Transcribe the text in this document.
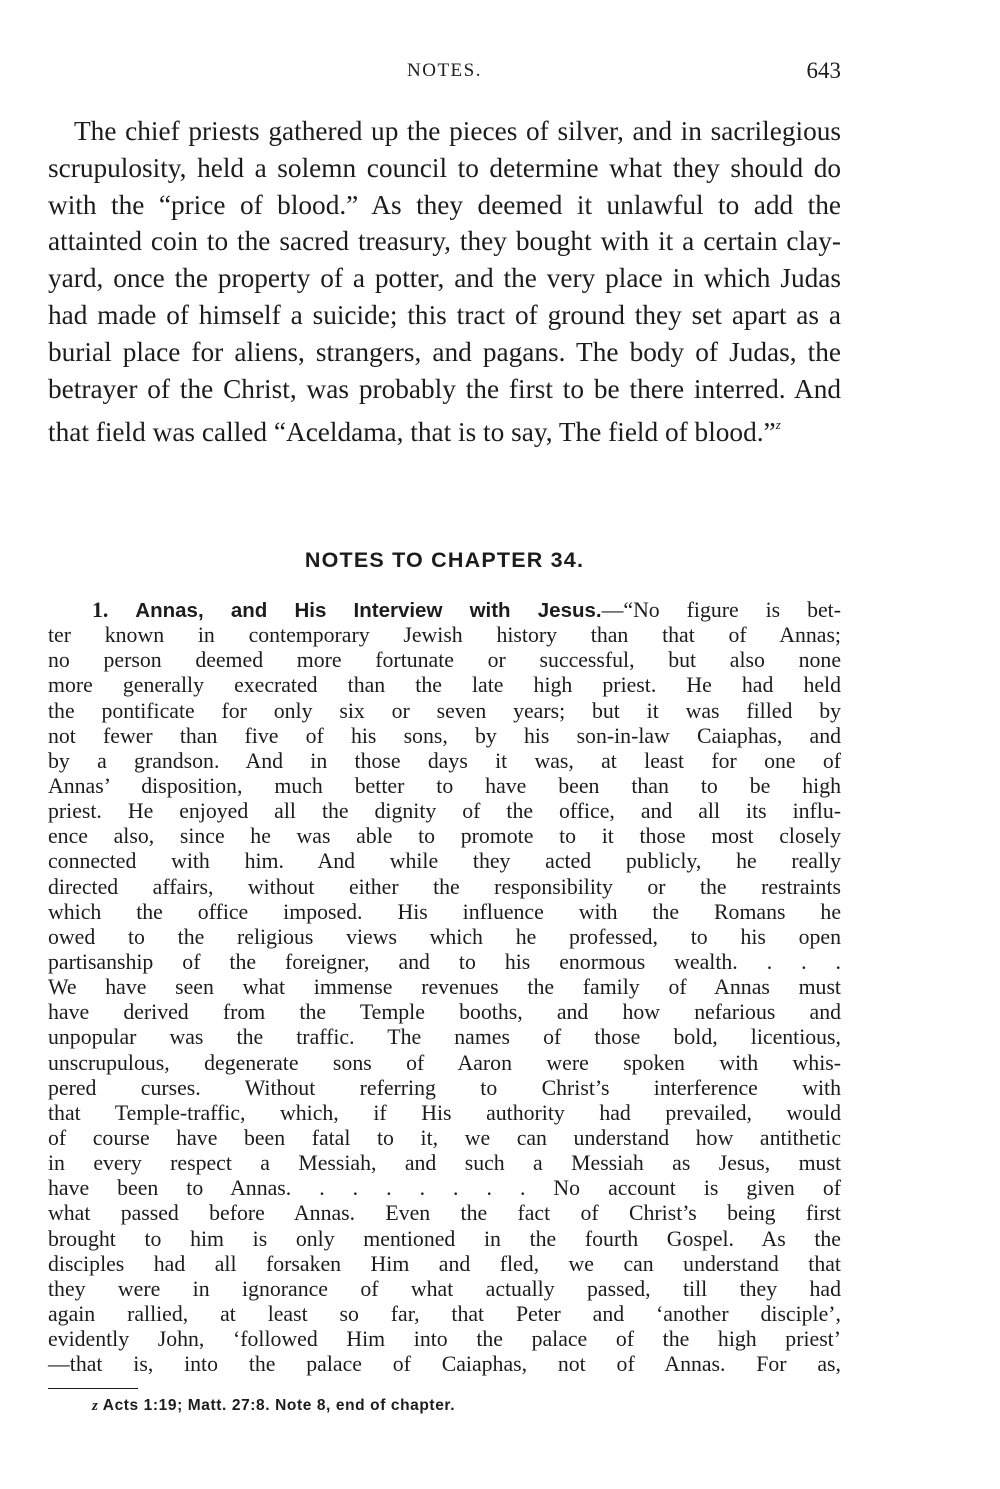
NOTES.	643

The chief priests gathered up the pieces of silver, and in sacrilegious scrupulosity, held a solemn council to determine what they should do with the “price of blood.” As they deemed it unlawful to add the attainted coin to the sacred treasury, they bought with it a certain clay-yard, once the property of a potter, and the very place in which Judas had made of himself a suicide; this tract of ground they set apart as a burial place for aliens, strangers, and pagans. The body of Judas, the betrayer of the Christ, was probably the first to be there interred. And that field was called “Aceldama, that is to say, The field of blood.”$^z$

NOTES TO CHAPTER 34.
1. Annas, and His Interview with Jesus.—“No figure is bet-
ter known in contemporary Jewish history than that of Annas;
no person deemed more fortunate or successful, but also none
more generally execrated than the late high priest. He had held
the pontificate for only six or seven years; but it was filled by
not fewer than five of his sons, by his son-in-law Caiaphas, and
by a grandson. And in those days it was, at least for one of
Annas’ disposition, much better to have been than to be high
priest. He enjoyed all the dignity of the office, and all its influ-
ence also, since he was able to promote to it those most closely
connected with him. And while they acted publicly, he really
directed affairs, without either the responsibility or the restraints
which the office imposed. His influence with the Romans he
owed to the religious views which he professed, to his open
partisanship of the foreigner, and to his enormous wealth. . . .
We have seen what immense revenues the family of Annas must
have derived from the Temple booths, and how nefarious and
unpopular was the traffic. The names of those bold, licentious,
unscrupulous, degenerate sons of Aaron were spoken with whis-
pered curses. Without referring to Christ’s interference with
that Temple-traffic, which, if His authority had prevailed, would
of course have been fatal to it, we can understand how antithetic
in every respect a Messiah, and such a Messiah as Jesus, must
have been to Annas. . . . . . . . No account is given of
what passed before Annas. Even the fact of Christ’s being first
brought to him is only mentioned in the fourth Gospel. As the
disciples had all forsaken Him and fled, we can understand that
they were in ignorance of what actually passed, till they had
again rallied, at least so far, that Peter and ‘another disciple’,
evidently John, ‘followed Him into the palace of the high priest’
—that is, into the palace of Caiaphas, not of Annas. For as,
z Acts 1:19; Matt. 27:8. Note 8, end of chapter.
